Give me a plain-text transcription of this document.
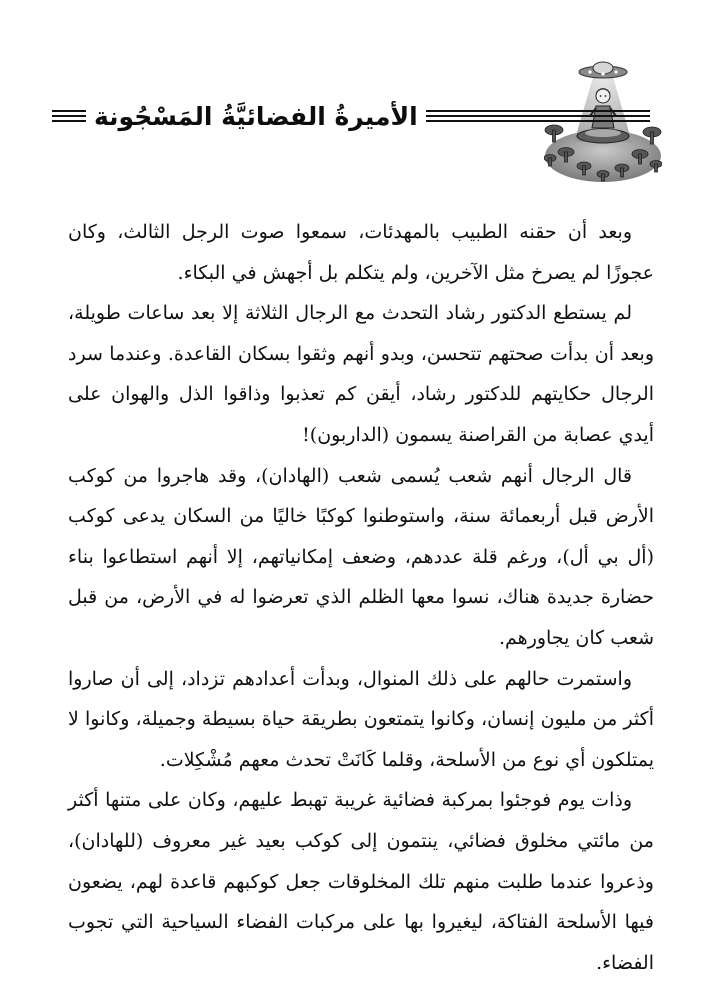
الأميرةُ الفضائيَّةُ المَسْجُونة

وبعد أن حقنه الطبيب بالمهدئات، سمعوا صوت الرجل الثالث، وكان عجوزًا لم يصرخ مثل الآخرين، ولم يتكلم بل أجهش في البكاء.

لم يستطع الدكتور رشاد التحدث مع الرجال الثلاثة إلا بعد ساعات طويلة، وبعد أن بدأت صحتهم تتحسن، وبدو أنهم وثقوا بسكان القاعدة. وعندما سرد الرجال حكايتهم للدكتور رشاد، أيقن كم تعذبوا وذاقوا الذل والهوان على أيدي عصابة من القراصنة يسمون (الداربون)!

قال الرجال أنهم شعب يُسمى شعب (الهادان)، وقد هاجروا من كوكب الأرض قبل أربعمائة سنة، واستوطنوا كوكبًا خاليًا من السكان يدعى كوكب (أل بي أل)، ورغم قلة عددهم، وضعف إمكانياتهم، إلا أنهم استطاعوا بناء حضارة جديدة هناك، نسوا معها الظلم الذي تعرضوا له في الأرض، من قبل شعب كان يجاورهم.

واستمرت حالهم على ذلك المنوال، وبدأت أعدادهم تزداد، إلى أن صاروا أكثر من مليون إنسان، وكانوا يتمتعون بطريقة حياة بسيطة وجميلة، وكانوا لا يمتلكون أي نوع من الأسلحة، وقلما كَانَتْ تحدث معهم مُشْكِلات.

وذات يوم فوجئوا بمركبة فضائية غريبة تهبط عليهم، وكان على متنها أكثر من مائتي مخلوق فضائي، ينتمون إلى كوكب بعيد غير معروف (للهادان)، وذعروا عندما طلبت منهم تلك المخلوقات جعل كوكبهم قاعدة لهم، يضعون فيها الأسلحة الفتاكة، ليغيروا بها على مركبات الفضاء السياحية التي تجوب الفضاء.
